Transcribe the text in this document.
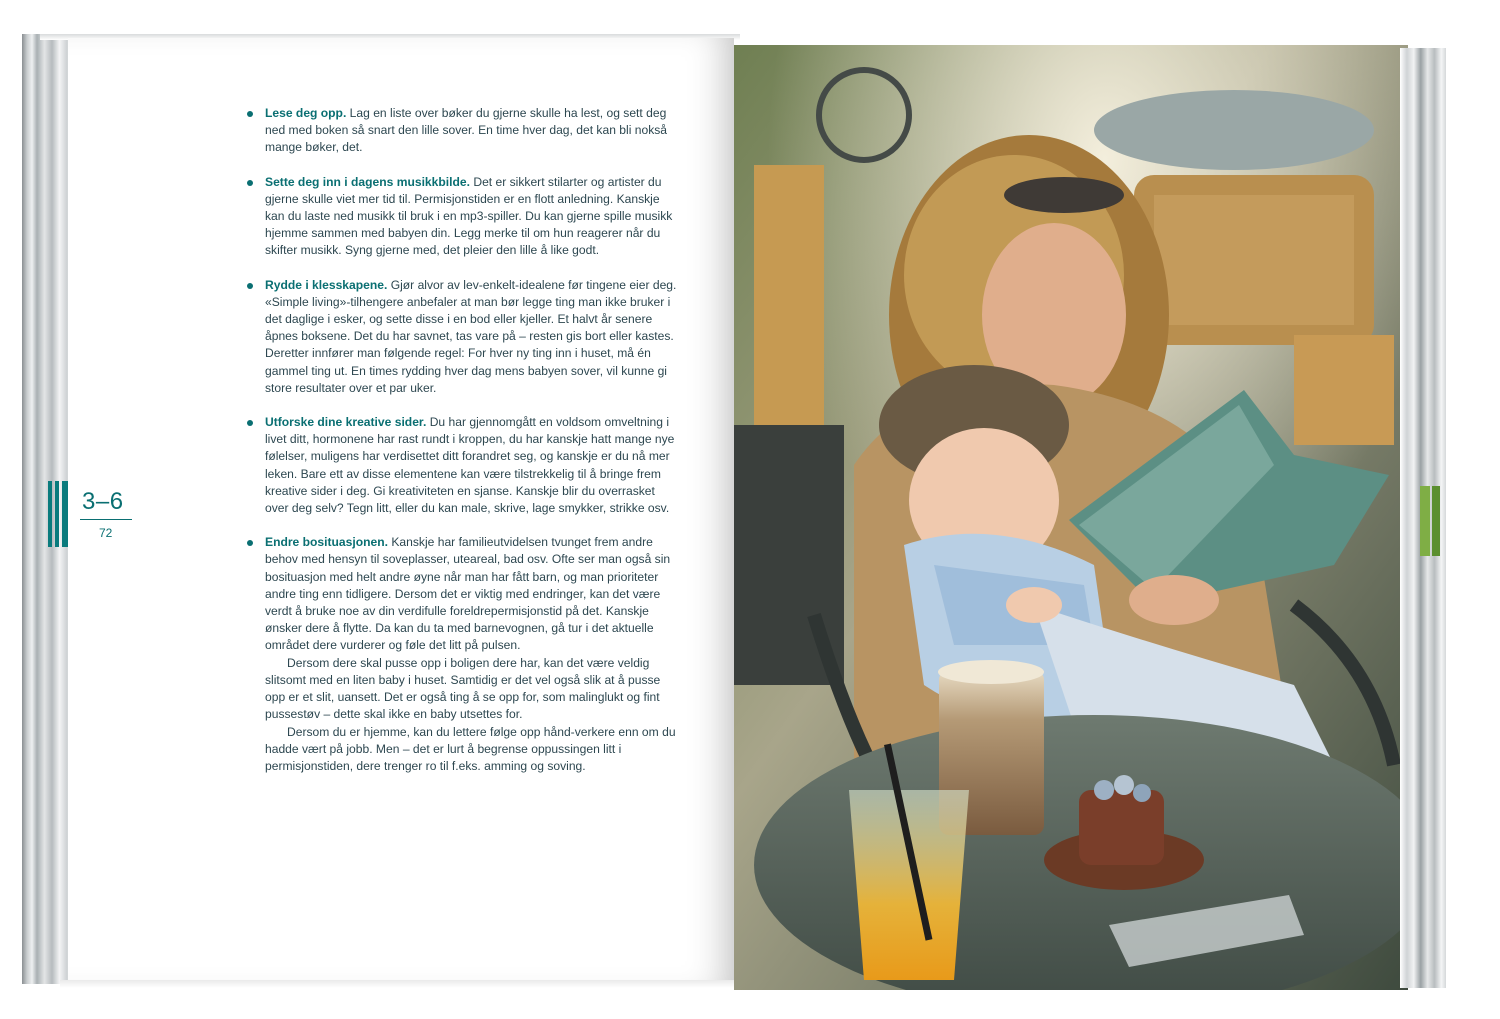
3–6
72
Lese deg opp. Lag en liste over bøker du gjerne skulle ha lest, og sett deg ned med boken så snart den lille sover. En time hver dag, det kan bli nokså mange bøker, det.
Sette deg inn i dagens musikkbilde. Det er sikkert stilarter og artister du gjerne skulle viet mer tid til. Permisjonstiden er en flott anledning. Kanskje kan du laste ned musikk til bruk i en mp3-spiller. Du kan gjerne spille musikk hjemme sammen med babyen din. Legg merke til om hun reagerer når du skifter musikk. Syng gjerne med, det pleier den lille å like godt.
Rydde i klesskapene. Gjør alvor av lev-enkelt-idealene før tingene eier deg. «Simple living»-tilhengere anbefaler at man bør legge ting man ikke bruker i det daglige i esker, og sette disse i en bod eller kjeller. Et halvt år senere åpnes boksene. Det du har savnet, tas vare på – resten gis bort eller kastes. Deretter innfører man følgende regel: For hver ny ting inn i huset, må én gammel ting ut. En times rydding hver dag mens babyen sover, vil kunne gi store resultater over et par uker.
Utforske dine kreative sider. Du har gjennomgått en voldsom omveltning i livet ditt, hormonene har rast rundt i kroppen, du har kanskje hatt mange nye følelser, muligens har verdisettet ditt forandret seg, og kanskje er du nå mer leken. Bare ett av disse elementene kan være tilstrekkelig til å bringe frem kreative sider i deg. Gi kreativiteten en sjanse. Kanskje blir du overrasket over deg selv? Tegn litt, eller du kan male, skrive, lage smykker, strikke osv.
Endre bosituasjonen. Kanskje har familieutvidelsen tvunget frem andre behov med hensyn til soveplasser, uteareal, bad osv. Ofte ser man også sin bosituasjon med helt andre øyne når man har fått barn, og man prioriteter andre ting enn tidligere. Dersom det er viktig med endringer, kan det være verdt å bruke noe av din verdifulle foreldrepermisjonstid på det. Kanskje ønsker dere å flytte. Da kan du ta med barnevognen, gå tur i det aktuelle området dere vurderer og føle det litt på pulsen.

Dersom dere skal pusse opp i boligen dere har, kan det være veldig slitsomt med en liten baby i huset. Samtidig er det vel også slik at å pusse opp er et slit, uansett. Det er også ting å se opp for, som malinglukt og fint pussestøv – dette skal ikke en baby utsettes for.

Dersom du er hjemme, kan du lettere følge opp hånd-verkere enn om du hadde vært på jobb. Men – det er lurt å begrense oppussingen litt i permisjonstiden, dere trenger ro til f.eks. amming og soving.
